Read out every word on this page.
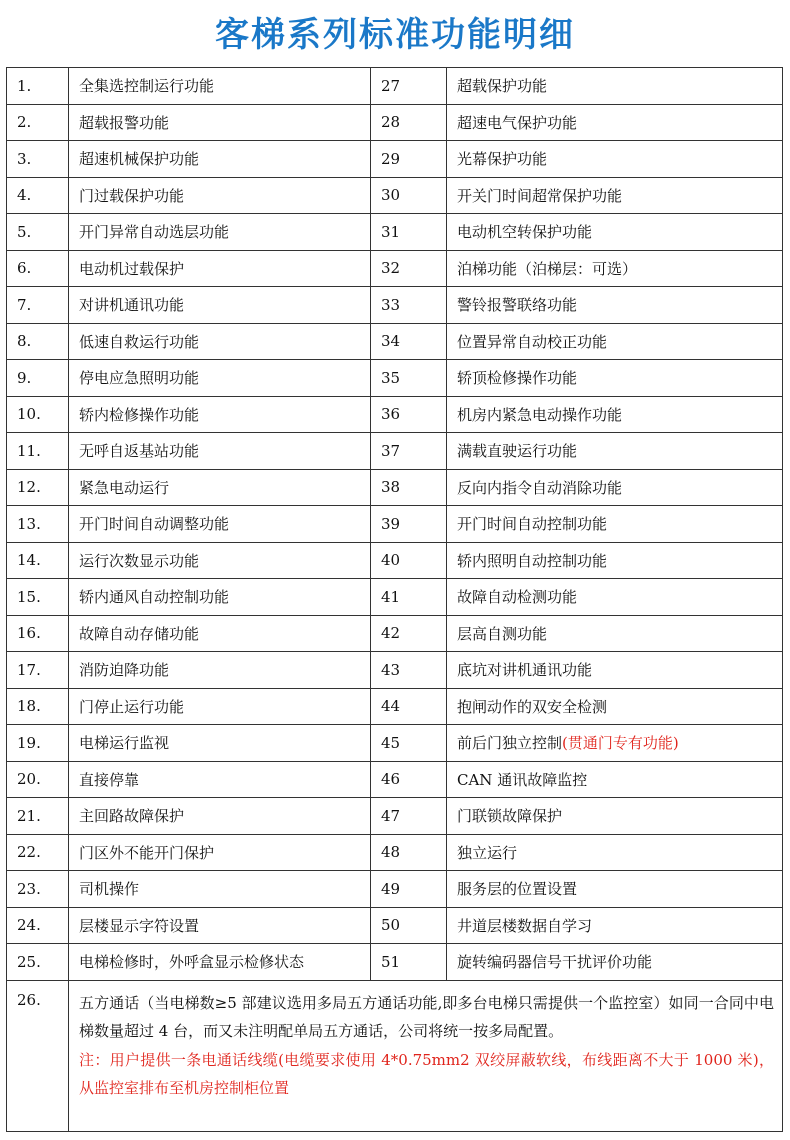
客梯系列标准功能明细
1.	全集选控制运行功能	27	超载保护功能
2.	超载报警功能	28	超速电气保护功能
3.	超速机械保护功能	29	光幕保护功能
4.	门过载保护功能	30	开关门时间超常保护功能
5.	开门异常自动选层功能	31	电动机空转保护功能
6.	电动机过载保护	32	泊梯功能（泊梯层：可选）
7.	对讲机通讯功能	33	警铃报警联络功能
8.	低速自救运行功能	34	位置异常自动校正功能
9.	停电应急照明功能	35	轿顶检修操作功能
10.	轿内检修操作功能	36	机房内紧急电动操作功能
11.	无呼自返基站功能	37	满载直驶运行功能
12.	紧急电动运行	38	反向内指令自动消除功能
13.	开门时间自动调整功能	39	开门时间自动控制功能
14.	运行次数显示功能	40	轿内照明自动控制功能
15.	轿内通风自动控制功能	41	故障自动检测功能
16.	故障自动存储功能	42	层高自测功能
17.	消防迫降功能	43	底坑对讲机通讯功能
18.	门停止运行功能	44	抱闸动作的双安全检测
19.	电梯运行监视	45	前后门独立控制(贯通门专有功能)
20.	直接停靠	46	CAN 通讯故障监控
21.	主回路故障保护	47	门联锁故障保护
22.	门区外不能开门保护	48	独立运行
23.	司机操作	49	服务层的位置设置
24.	层楼显示字符设置	50	井道层楼数据自学习
25.	电梯检修时，外呼盒显示检修状态	51	旋转编码器信号干扰评价功能
26.	五方通话（当电梯数≥5 部建议选用多局五方通话功能,即多台电梯只需提供一个监控室）如同一合同中电梯数量超过 4 台，而又未注明配单局五方通话，公司将统一按多局配置。
注：用户提供一条电通话线缆(电缆要求使用 4*0.75mm2 双绞屏蔽软线，布线距离不大于 1000 米)，从监控室排布至机房控制柜位置		
